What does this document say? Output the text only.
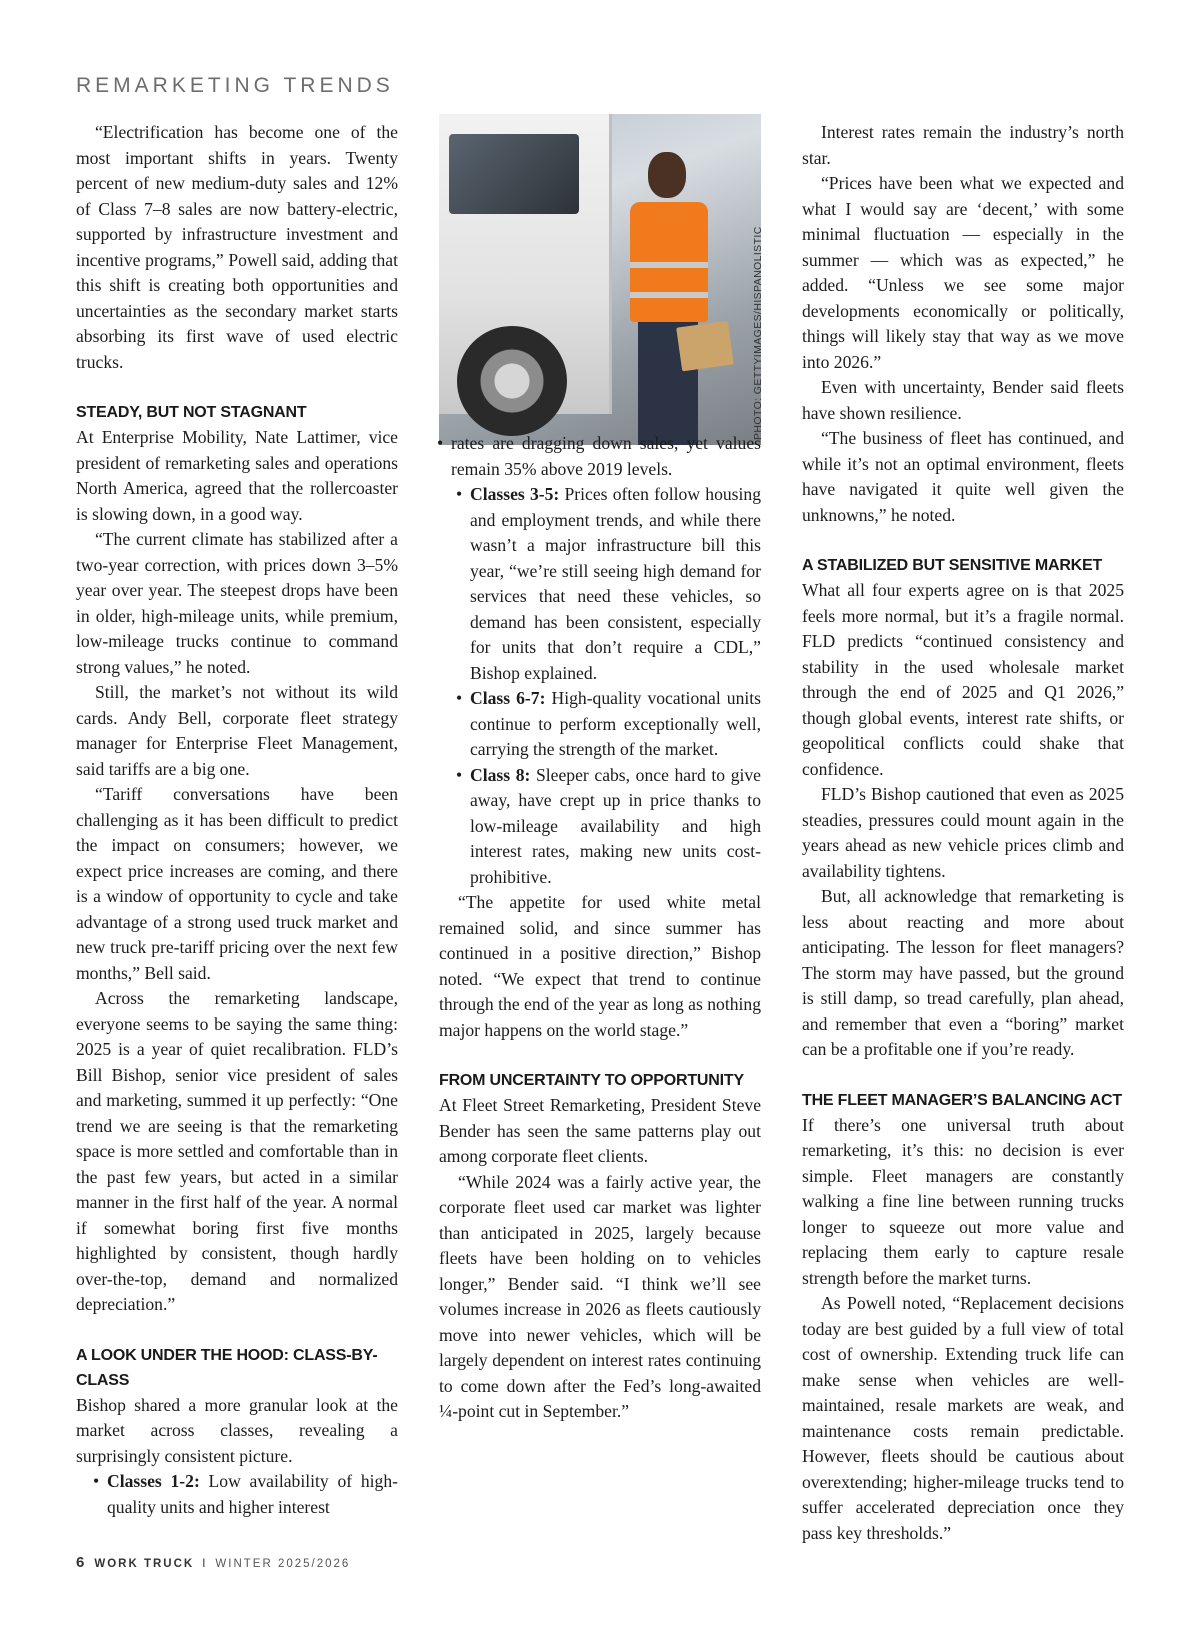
REMARKETING TRENDS

“Electrification has become one of the most important shifts in years. Twenty percent of new medium-duty sales and 12% of Class 7–8 sales are now battery-electric, supported by infrastructure investment and incentive programs,” Powell said, adding that this shift is creating both opportunities and uncertainties as the secondary market starts absorbing its first wave of used electric trucks.

STEADY, BUT NOT STAGNANT

At Enterprise Mobility, Nate Lattimer, vice president of remarketing sales and operations North America, agreed that the rollercoaster is slowing down, in a good way.

“The current climate has stabilized after a two-year correction, with prices down 3–5% year over year. The steepest drops have been in older, high-mileage units, while premium, low-mileage trucks continue to command strong values,” he noted.

Still, the market’s not without its wild cards. Andy Bell, corporate fleet strategy manager for Enterprise Fleet Management, said tariffs are a big one.

“Tariff conversations have been challenging as it has been difficult to predict the impact on consumers; however, we expect price increases are coming, and there is a window of opportunity to cycle and take advantage of a strong used truck market and new truck pre-tariff pricing over the next few months,” Bell said.

Across the remarketing landscape, everyone seems to be saying the same thing: 2025 is a year of quiet recalibration. FLD’s Bill Bishop, senior vice president of sales and marketing, summed it up perfectly: “One trend we are seeing is that the remarketing space is more settled and comfortable than in the past few years, but acted in a similar manner in the first half of the year. A normal if somewhat boring first five months highlighted by consistent, though hardly over-the-top, demand and normalized depreciation.”

A LOOK UNDER THE HOOD: CLASS-BY-CLASS

Bishop shared a more granular look at the market across classes, revealing a surprisingly consistent picture.

• Classes 1-2: Low availability of high-quality units and higher interest
PHOTO: GETTYIMAGES/HISPANOLISTIC
• rates are dragging down sales, yet values remain 35% above 2019 levels.
• Classes 3-5: Prices often follow housing and employment trends, and while there wasn’t a major infrastructure bill this year, “we’re still seeing high demand for services that need these vehicles, so demand has been consistent, especially for units that don’t require a CDL,” Bishop explained.
• Class 6-7: High-quality vocational units continue to perform exceptionally well, carrying the strength of the market.
• Class 8: Sleeper cabs, once hard to give away, have crept up in price thanks to low-mileage availability and high interest rates, making new units cost-prohibitive.

“The appetite for used white metal remained solid, and since summer has continued in a positive direction,” Bishop noted. “We expect that trend to continue through the end of the year as long as nothing major happens on the world stage.”

FROM UNCERTAINTY TO OPPORTUNITY

At Fleet Street Remarketing, President Steve Bender has seen the same patterns play out among corporate fleet clients.

“While 2024 was a fairly active year, the corporate fleet used car market was lighter than anticipated in 2025, largely because fleets have been holding on to vehicles longer,” Bender said. “I think we’ll see volumes increase in 2026 as fleets cautiously move into newer vehicles, which will be largely dependent on interest rates continuing to come down after the Fed’s long-awaited ¼-point cut in September.”

Interest rates remain the industry’s north star.

“Prices have been what we expected and what I would say are ‘decent,’ with some minimal fluctuation — especially in the summer — which was as expected,” he added. “Unless we see some major developments economically or politically, things will likely stay that way as we move into 2026.”

Even with uncertainty, Bender said fleets have shown resilience.

“The business of fleet has continued, and while it’s not an optimal environment, fleets have navigated it quite well given the unknowns,” he noted.

A STABILIZED BUT SENSITIVE MARKET

What all four experts agree on is that 2025 feels more normal, but it’s a fragile normal. FLD predicts “continued consistency and stability in the used wholesale market through the end of 2025 and Q1 2026,” though global events, interest rate shifts, or geopolitical conflicts could shake that confidence.

FLD’s Bishop cautioned that even as 2025 steadies, pressures could mount again in the years ahead as new vehicle prices climb and availability tightens.

But, all acknowledge that remarketing is less about reacting and more about anticipating. The lesson for fleet managers? The storm may have passed, but the ground is still damp, so tread carefully, plan ahead, and remember that even a “boring” market can be a profitable one if you’re ready.

THE FLEET MANAGER’S BALANCING ACT

If there’s one universal truth about remarketing, it’s this: no decision is ever simple. Fleet managers are constantly walking a fine line between running trucks longer to squeeze out more value and replacing them early to capture resale strength before the market turns.

As Powell noted, “Replacement decisions today are best guided by a full view of total cost of ownership. Extending truck life can make sense when vehicles are well-maintained, resale markets are weak, and maintenance costs remain predictable. However, fleets should be cautious about overextending; higher-mileage trucks tend to suffer accelerated depreciation once they pass key thresholds.”

6 WORK TRUCK I WINTER 2025/2026
